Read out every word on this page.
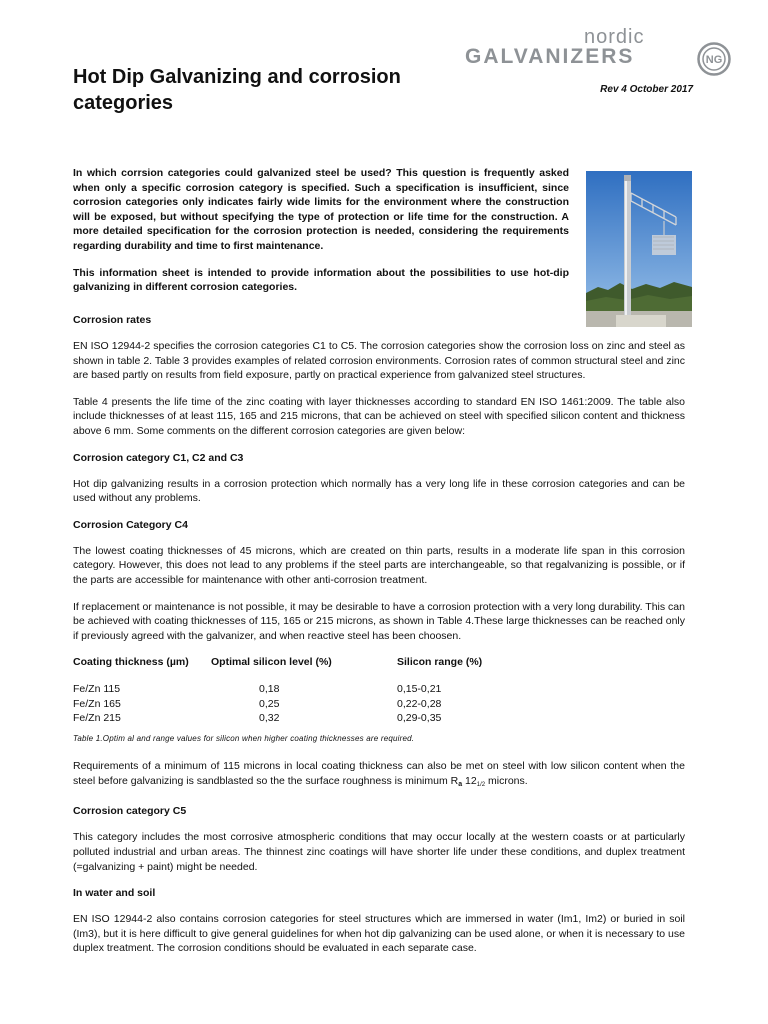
Hot Dip Galvanizing and corrosion categories

Rev 4 October 2017

nordic
GALVANIZERS	NG

In which corrsion categories could galvanized steel be used? This question is frequently asked when only a specific corrosion category is specified. Such a specification is insufficient, since corrosion categories only indicates fairly wide limits for the environment where the construction will be exposed, but without specifying the type of protection or life time for the construction. A more detailed specification for the corrosion protection is needed, considering the requirements regarding durability and time to first maintenance.

This information sheet is intended to provide information about the possibilities to use hot-dip galvanizing in different corrosion categories.

Corrosion rates

EN ISO 12944-2 specifies the corrosion categories C1 to C5. The corrosion categories show the corrosion loss on zinc and steel as shown in table 2. Table 3 provides examples of related corrosion environments. Corrosion rates of common structural steel and zinc are based partly on results from field exposure, partly on practical experience from galvanized steel structures.

Table 4 presents the life time of the zinc coating with layer thicknesses according to standard EN ISO 1461:2009. The table also include thicknesses of at least 115, 165 and 215 microns, that can be achieved on steel with specified silicon content and thickness above 6 mm. Some comments on the different corrosion categories are given below:

Corrosion category C1, C2 and C3

Hot dip galvanizing results in a corrosion protection which normally has a very long life in these corrosion categories and can be used without any problems.

Corrosion Category C4

The lowest coating thicknesses of 45 microns, which are created on thin parts, results in a moderate life span in this corrosion category. However, this does not lead to any problems if the steel parts are interchangeable, so that regalvanizing is possible, or if the parts are accessible for maintenance with other anti-corrosion treatment.

If replacement or maintenance is not possible, it may be desirable to have a corrosion protection with a very long durability. This can be achieved with coating thicknesses of 115, 165 or 215 microns, as shown in Table 4.These large thicknesses can be reached only if previously agreed with the galvanizer, and when reactive steel has been choosen.

Coating thickness (µm)	Optimal silicon level (%)	Silicon range (%)
Fe/Zn 115	0,18	0,15-0,21
Fe/Zn 165	0,25	0,22-0,28
Fe/Zn 215	0,32	0,29-0,35
Table 1.Optim al and range values for silicon when higher coating thicknesses are required.

Requirements of a minimum of 115 microns in local coating thickness can also be met on steel with low silicon content when the steel before galvanizing is sandblasted so the the surface roughness is minimum $R_a$ $12_{1/2}$ microns.

Corrosion category C5

This category includes the most corrosive atmospheric conditions that may occur locally at the western coasts or at particularly polluted industrial and urban areas. The thinnest zinc coatings will have shorter life under these conditions, and duplex treatment (=galvanizing + paint) might be needed.

In water and soil

EN ISO 12944-2 also contains corrosion categories for steel structures which are immersed in water (Im1, Im2) or buried in soil (Im3), but it is here difficult to give general guidelines for when hot dip galvanizing can be used alone, or when it is necessary to use duplex treatment. The corrosion conditions should be evaluated in each separate case.
